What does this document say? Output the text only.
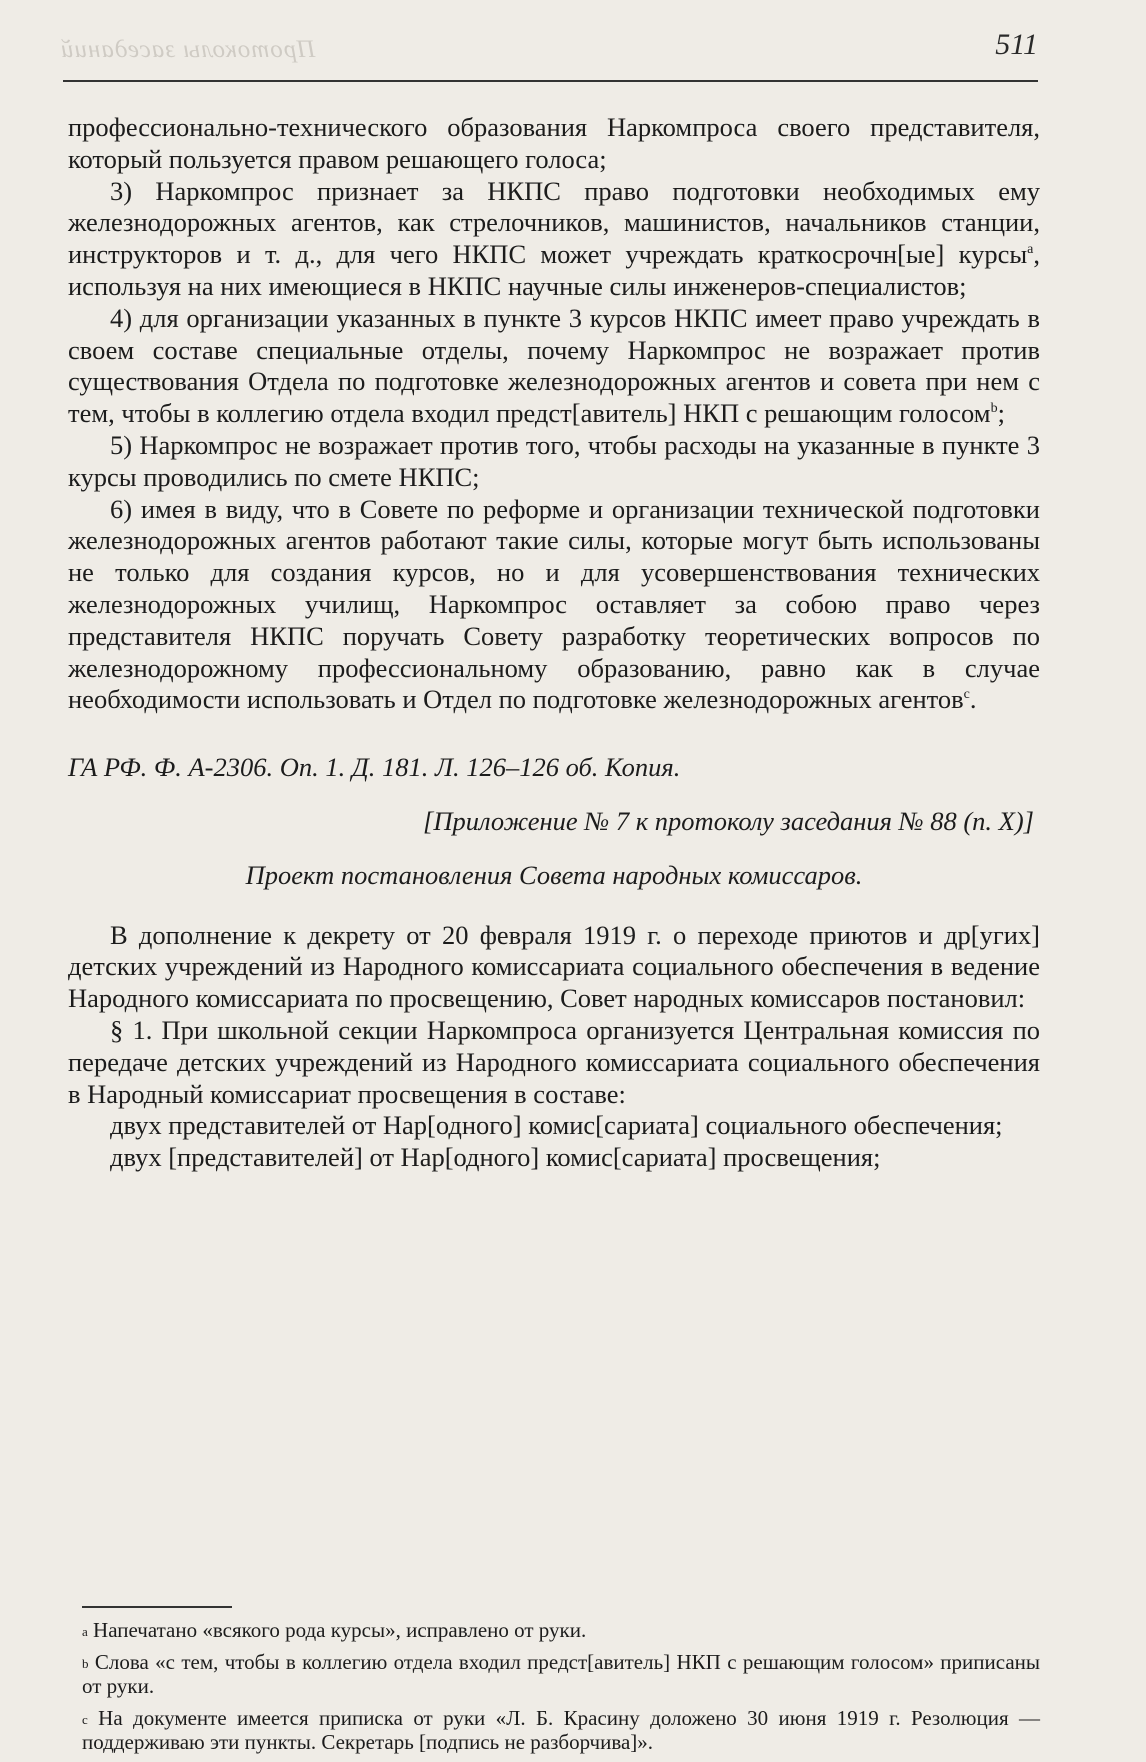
Протоколы заседаний	511

профессионально-технического образования Наркомпроса своего представителя, который пользуется правом решающего голоса;

3) Наркомпрос признает за НКПС право подготовки необходимых ему железнодорожных агентов, как стрелочников, машинистов, начальников станции, инструкторов и т. д., для чего НКПС может учреждать краткосрочн[ые] курсы$^a$, используя на них имеющиеся в НКПС научные силы инженеров-специалистов;

4) для организации указанных в пункте 3 курсов НКПС имеет право учреждать в своем составе специальные отделы, почему Наркомпрос не возражает против существования Отдела по подготовке железнодорожных агентов и совета при нем с тем, чтобы в коллегию отдела входил предст[авитель] НКП с решающим голосом$^b$;

5) Наркомпрос не возражает против того, чтобы расходы на указанные в пункте 3 курсы проводились по смете НКПС;

6) имея в виду, что в Совете по реформе и организации технической подготовки железнодорожных агентов работают такие силы, которые могут быть использованы не только для создания курсов, но и для усовершенствования технических железнодорожных училищ, Наркомпрос оставляет за собою право через представителя НКПС поручать Совету разработку теоретических вопросов по железнодорожному профессиональному образованию, равно как в случае необходимости использовать и Отдел по подготовке железнодорожных агентов$^c$.

ГА РФ. Ф. А-2306. Оп. 1. Д. 181. Л. 126–126 об. Копия.

[Приложение № 7 к протоколу заседания № 88 (п. X)]

Проект постановления Совета народных комиссаров.

В дополнение к декрету от 20 февраля 1919 г. о переходе приютов и др[угих] детских учреждений из Народного комиссариата социального обеспечения в ведение Народного комиссариата по просвещению, Совет народных комиссаров постановил:

§ 1. При школьной секции Наркомпроса организуется Центральная комиссия по передаче детских учреждений из Народного комиссариата социального обеспечения в Народный комиссариат просвещения в составе:

двух представителей от Нар[одного] комис[сариата] социального обеспечения;

двух [представителей] от Нар[одного] комис[сариата] просвещения;

$^a$ Напечатано «всякого рода курсы», исправлено от руки.

$^b$ Слова «с тем, чтобы в коллегию отдела входил предст[авитель] НКП с решающим голосом» приписаны от руки.

$^c$ На документе имеется приписка от руки «Л. Б. Красину доложено 30 июня 1919 г. Резолюция — поддерживаю эти пункты. Секретарь [подпись не разборчива]».
